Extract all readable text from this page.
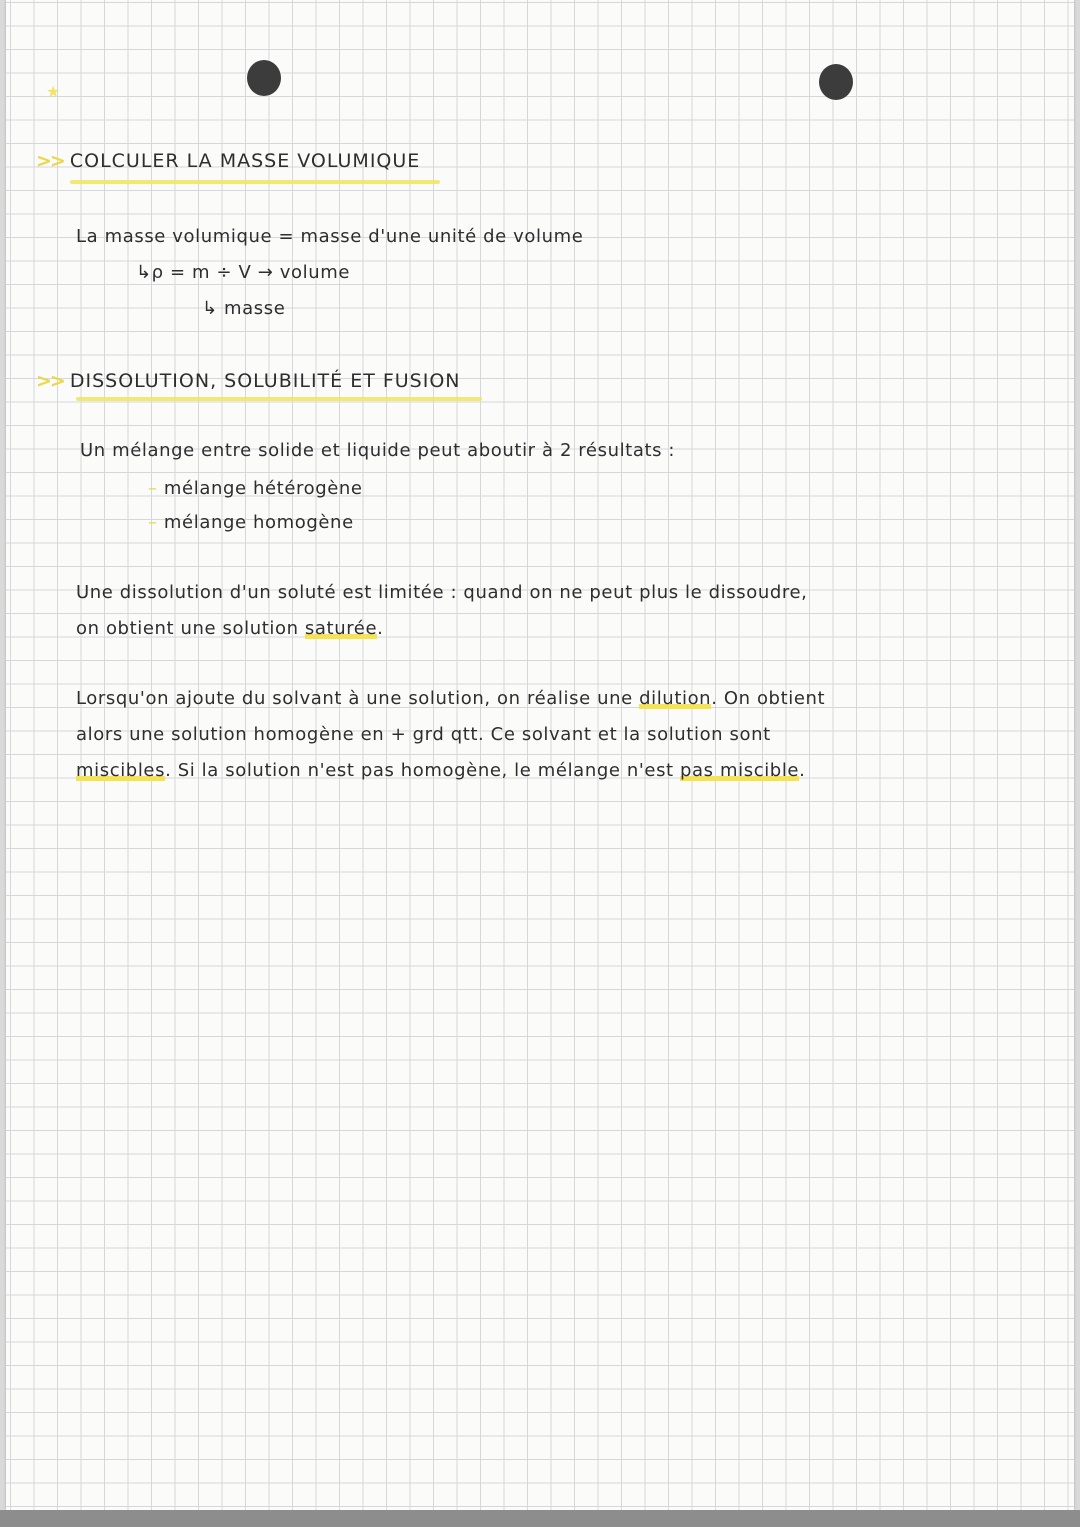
★
>> COLCULER LA MASSE VOLUMIQUE
La masse volumique = masse d'une unité de volume
↳ρ = m ÷ V → volume
↳ masse
>> DISSOLUTION, SOLUBILITÉ ET FUSION
Un mélange entre solide et liquide peut aboutir à 2 résultats :
– mélange hétérogène
– mélange homogène
Une dissolution d'un soluté est limitée : quand on ne peut plus le dissoudre,
on obtient une solution saturée.
Lorsqu'on ajoute du solvant à une solution, on réalise une dilution. On obtient
alors une solution homogène en + grd qtt. Ce solvant et la solution sont
miscibles. Si la solution n'est pas homogène, le mélange n'est pas miscible.
